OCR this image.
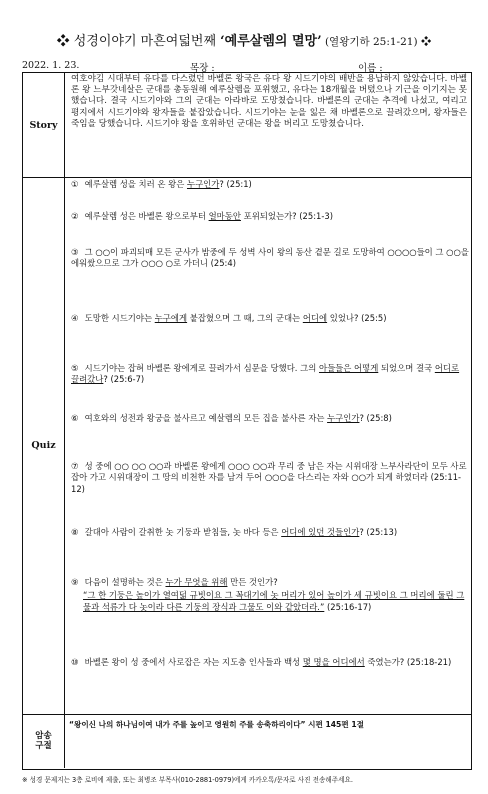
❖ 성경이야기 마흔여덟번째 ‘예루살렘의 멸망’ (열왕기하 25:1-21) ❖
2022. 1. 23.	목장 :	이름 :
Story
Quiz
암송
구절
여호야김 시대부터 유다를 다스렸던 바벨론 왕국은 유다 왕 시드기야의 배반을 용납하지 않았습니다. 바벨론 왕 느부갓네살은 군대를 총동원해 예루살렘을 포위했고, 유다는 18개월을 버텼으나 기근을 이기지는 못했습니다. 결국 시드기야와 그의 군대는 아라바로 도망쳤습니다. 바벨론의 군대는 추격에 나섰고, 여리고 평지에서 시드기야와 왕자들을 붙잡았습니다. 시드기야는 눈을 잃은 채 바벨론으로 끌려갔으며, 왕자들은 죽임을 당했습니다. 시드기야 왕을 호위하던 군대는 왕을 버리고 도망쳤습니다.
① 예루살렘 성을 치러 온 왕은 누구인가? (25:1)
② 예루살렘 성은 바벨론 왕으로부터 얼마동안 포위되었는가? (25:1-3)
③ 그 ○○이 파괴되매 모든 군사가 밤중에 두 성벽 사이 왕의 동산 곁문 길로 도망하여 ○○○○들이 그 ○○을 에워쌌으므로 그가 ○○○ ○로 가더니 (25:4)
④ 도망한 시드기야는 누구에게 붙잡혔으며 그 때, 그의 군대는 어디에 있었나? (25:5)
⑤ 시드기야는 잡혀 바벨론 왕에게로 끌려가서 심문을 당했다. 그의 아들들은 어떻게 되었으며 결국 어디로 끌려갔나? (25:6-7)
⑥ 여호와의 성전과 왕궁을 불사르고 예살렘의 모든 집을 불사른 자는 누구인가? (25:8)
⑦ 성 중에 ○○ ○○ ○○과 바벨론 왕에게 ○○○ ○○과 무리 중 남은 자는 시위대장 느부사라단이 모두 사로잡아 가고 시위대장이 그 땅의 비천한 자를 남겨 두어 ○○○을 다스리는 자와 ○○가 되게 하였더라 (25:11-12)
⑧ 갈대아 사람이 갈취한 놋 기둥과 받침들, 놋 바다 등은 어디에 있던 것들인가? (25:13)
⑨ 다음이 설명하는 것은 누가 무엇을 위해 만든 것인가?
“그 한 기둥은 높이가 열여덟 규빗이요 그 꼭대기에 놋 머리가 있어 높이가 세 규빗이요 그 머리에 둘린 그물과 석류가 다 놋이라 다른 기둥의 장식과 그물도 이와 같았더라.” (25:16-17)
⑩ 바벨론 왕이 성 중에서 사로잡은 자는 지도층 인사들과 백성 몇 명을 어디에서 죽였는가? (25:18-21)
“왕이신 나의 하나님이여 내가 주를 높이고 영원히 주를 송축하리이다” 시편 145편 1절
※ 성경 문제지는 3층 로비에 제출, 또는 최병조 부목사(010-2881-0979)에게 카카오톡/문자로 사진 전송해주세요.
